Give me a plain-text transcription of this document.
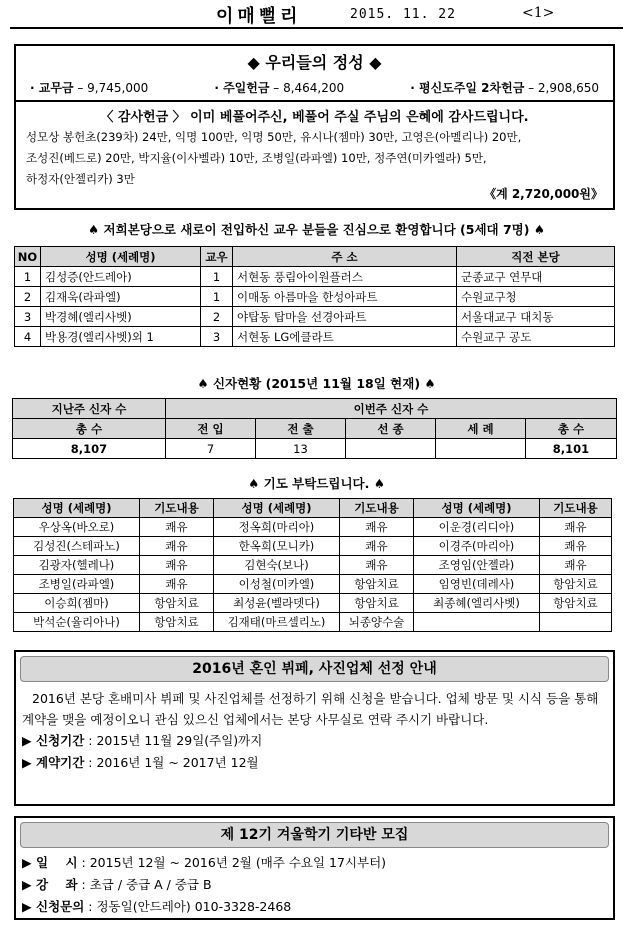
이매뻘리	2015. 11. 22	<1>
◆ 우리들의 정성 ◆
· 교무금 – 9,745,000	· 주일헌금 – 8,464,200	· 평신도주일 2차헌금 – 2,908,650
〈 감사헌금 〉 이미 베풀어주신, 베풀어 주실 주님의 은혜에 감사드립니다.
성모상 봉헌초(239차) 24만, 익명 100만, 익명 50만, 유시나(젬마) 30만, 고영은(아멜리나) 20만,
조성진(베드로) 20만, 박지율(이사벨라) 10만, 조병일(라파엘) 10만, 정주연(미카엘라) 5만,
하정자(안젤리카) 3만
《계 2,720,000원》
♠ 저희본당으로 새로이 전입하신 교우 분들을 진심으로 환영합니다 (5세대 7명) ♠
NO	성명 (세례명)	교우	주 소	직전 본당
1	김성증(안드레아)	1	서현동 풍림아이원플러스	군종교구 연무대
2	김재욱(라파엘)	1	이매동 아름마을 한성아파트	수원교구청
3	박경혜(엘리사벳)	2	야탑동 탑마을 선경아파트	서울대교구 대치동
4	박용경(엘리사벳)외 1	3	서현동 LG에클라트	수원교구 공도
♠ 신자현황 (2015년 11월 18일 현재) ♠
지난주 신자 수	이번주 신자 수				
총 수	전 입	전 출	선 종	세 례	총 수
8,107	7	13			8,101
♠ 기도 부탁드립니다. ♠
성명 (세례명)	기도내용	성명 (세례명)	기도내용	성명 (세례명)	기도내용
우상옥(바오로)	쾌유	정옥희(마리아)	쾌유	이운경(리디아)	쾌유
김성진(스테파노)	쾌유	한옥희(모니카)	쾌유	이경주(마리아)	쾌유
김광자(헬레나)	쾌유	김현숙(보나)	쾌유	조영임(안젤라)	쾌유
조병일(라파엘)	쾌유	이성철(미카엘)	항암치료	임영빈(데레사)	항암치료
이승희(젬마)	항암치료	최성윤(벨라뎃다)	항암치료	최종혜(엘리사벳)	항암치료
박석순(율리아나)	항암치료	김재태(마르셀리노)	뇌종양수술		
2016년 혼인 뷔페, 사진업체 선정 안내
2016년 본당 혼배미사 뷔페 및 사진업체를 선정하기 위해 신청을 받습니다. 업체 방문 및 시식 등을 통해 계약을 맺을 예정이오니 관심 있으신 업체에서는 본당 사무실로 연락 주시기 바랍니다.
▶ 신청기간 : 2015년 11월 29일(주일)까지
▶ 계약기간 : 2016년 1월 ~ 2017년 12월
제 12기 겨울학기 기타반 모집
▶ 일    시 : 2015년 12월 ~ 2016년 2월 (매주 수요일 17시부터)
▶ 강    좌 : 초급 / 중급 A / 중급 B
▶ 신청문의 : 정동일(안드레아) 010-3328-2468
